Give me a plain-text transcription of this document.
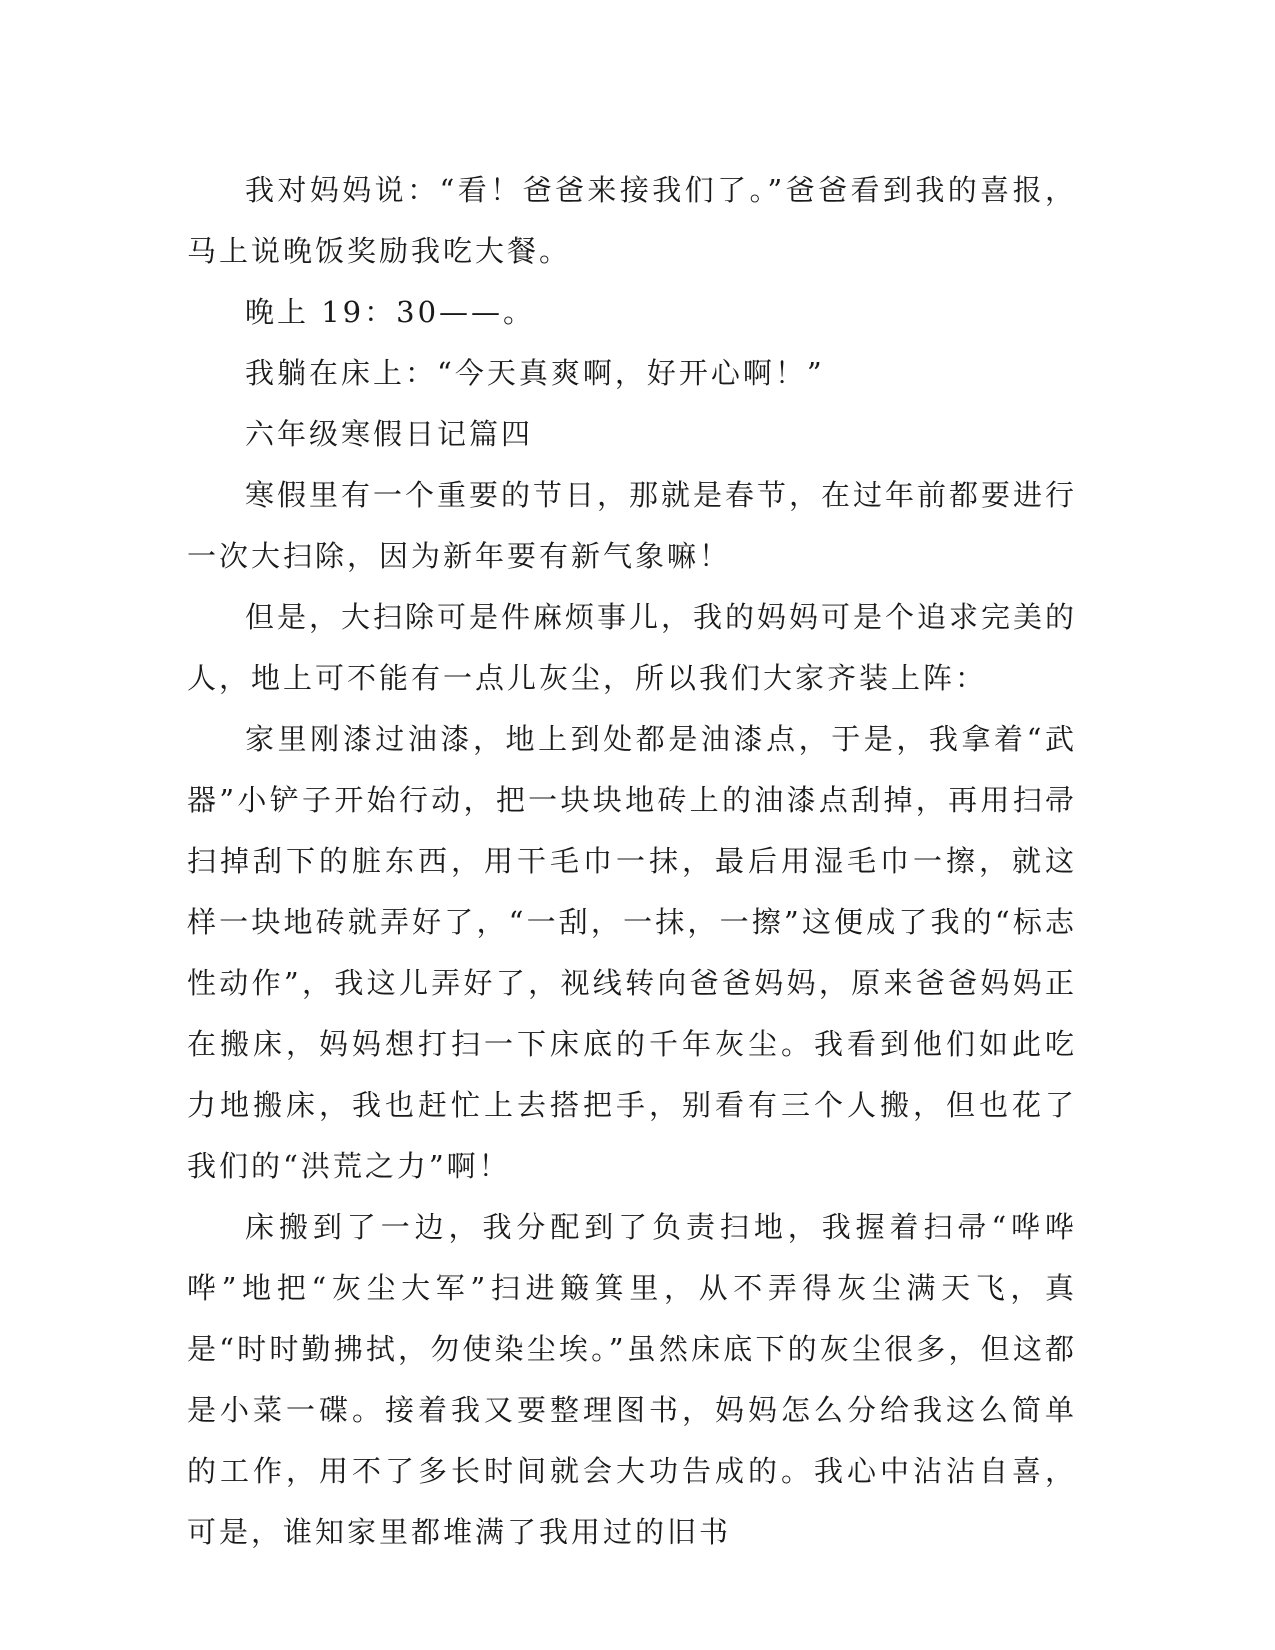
我对妈妈说：“看！爸爸来接我们了。”爸爸看到我的喜报，马上说晚饭奖励我吃大餐。

晚上 19：30——。

我躺在床上：“今天真爽啊，好开心啊！”

六年级寒假日记篇四

寒假里有一个重要的节日，那就是春节，在过年前都要进行一次大扫除，因为新年要有新气象嘛！

但是，大扫除可是件麻烦事儿，我的妈妈可是个追求完美的人，地上可不能有一点儿灰尘，所以我们大家齐装上阵：

家里刚漆过油漆，地上到处都是油漆点，于是，我拿着“武器”小铲子开始行动，把一块块地砖上的油漆点刮掉，再用扫帚扫掉刮下的脏东西，用干毛巾一抹，最后用湿毛巾一擦，就这样一块地砖就弄好了，“一刮，一抹，一擦”这便成了我的“标志性动作”，我这儿弄好了，视线转向爸爸妈妈，原来爸爸妈妈正在搬床，妈妈想打扫一下床底的千年灰尘。我看到他们如此吃力地搬床，我也赶忙上去搭把手，别看有三个人搬，但也花了我们的“洪荒之力”啊！

床搬到了一边，我分配到了负责扫地，我握着扫帚“哗哗哗”地把“灰尘大军”扫进簸箕里，从不弄得灰尘满天飞，真是“时时勤拂拭，勿使染尘埃。”虽然床底下的灰尘很多，但这都是小菜一碟。接着我又要整理图书，妈妈怎么分给我这么简单的工作，用不了多长时间就会大功告成的。我心中沾沾自喜，可是，谁知家里都堆满了我用过的旧书
